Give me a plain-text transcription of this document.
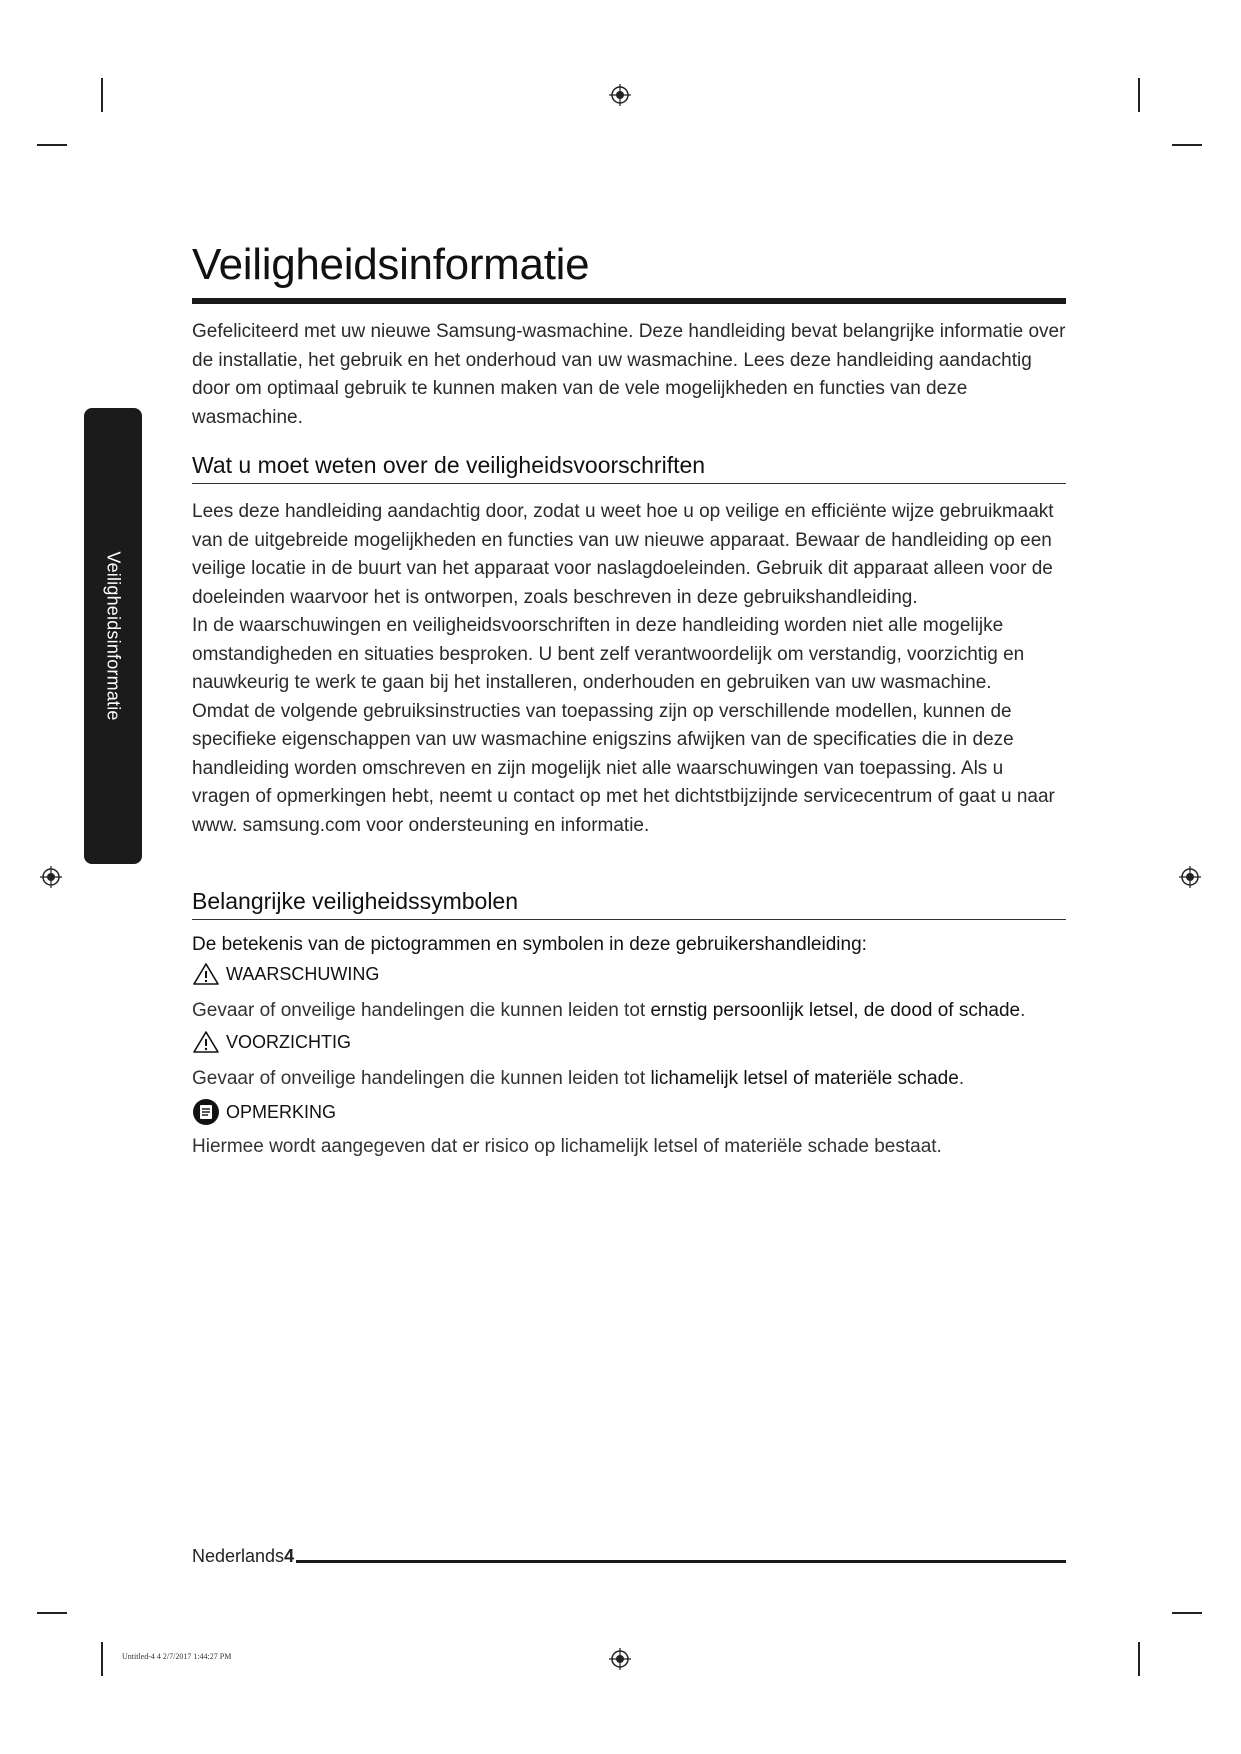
Veiligheidsinformatie
Veiligheidsinformatie

Gefeliciteerd met uw nieuwe Samsung-wasmachine. Deze handleiding bevat belangrijke informatie over de installatie, het gebruik en het onderhoud van uw wasmachine. Lees deze handleiding aandachtig door om optimaal gebruik te kunnen maken van de vele mogelijkheden en functies van deze wasmachine.

Wat u moet weten over de veiligheidsvoorschriften

Lees deze handleiding aandachtig door, zodat u weet hoe u op veilige en efficiënte wijze gebruikmaakt van de uitgebreide mogelijkheden en functies van uw nieuwe apparaat. Bewaar de handleiding op een veilige locatie in de buurt van het apparaat voor naslagdoeleinden. Gebruik dit apparaat alleen voor de doeleinden waarvoor het is ontworpen, zoals beschreven in deze gebruikshandleiding.

In de waarschuwingen en veiligheidsvoorschriften in deze handleiding worden niet alle mogelijke omstandigheden en situaties besproken. U bent zelf verantwoordelijk om verstandig, voorzichtig en nauwkeurig te werk te gaan bij het installeren, onderhouden en gebruiken van uw wasmachine.

Omdat de volgende gebruiksinstructies van toepassing zijn op verschillende modellen, kunnen de specifieke eigenschappen van uw wasmachine enigszins afwijken van de specificaties die in deze handleiding worden omschreven en zijn mogelijk niet alle waarschuwingen van toepassing. Als u vragen of opmerkingen hebt, neemt u contact op met het dichtstbijzijnde servicecentrum of gaat u naar www. samsung.com voor ondersteuning en informatie.

Belangrijke veiligheidssymbolen
De betekenis van de pictogrammen en symbolen in deze gebruikershandleiding:
WAARSCHUWING
Gevaar of onveilige handelingen die kunnen leiden tot ernstig persoonlijk letsel, de dood of schade.
VOORZICHTIG
Gevaar of onveilige handelingen die kunnen leiden tot lichamelijk letsel of materiële schade.
OPMERKING
Hiermee wordt aangegeven dat er risico op lichamelijk letsel of materiële schade bestaat.
Nederlands4
Untitled-4 4 2/7/2017 1:44:27 PM
